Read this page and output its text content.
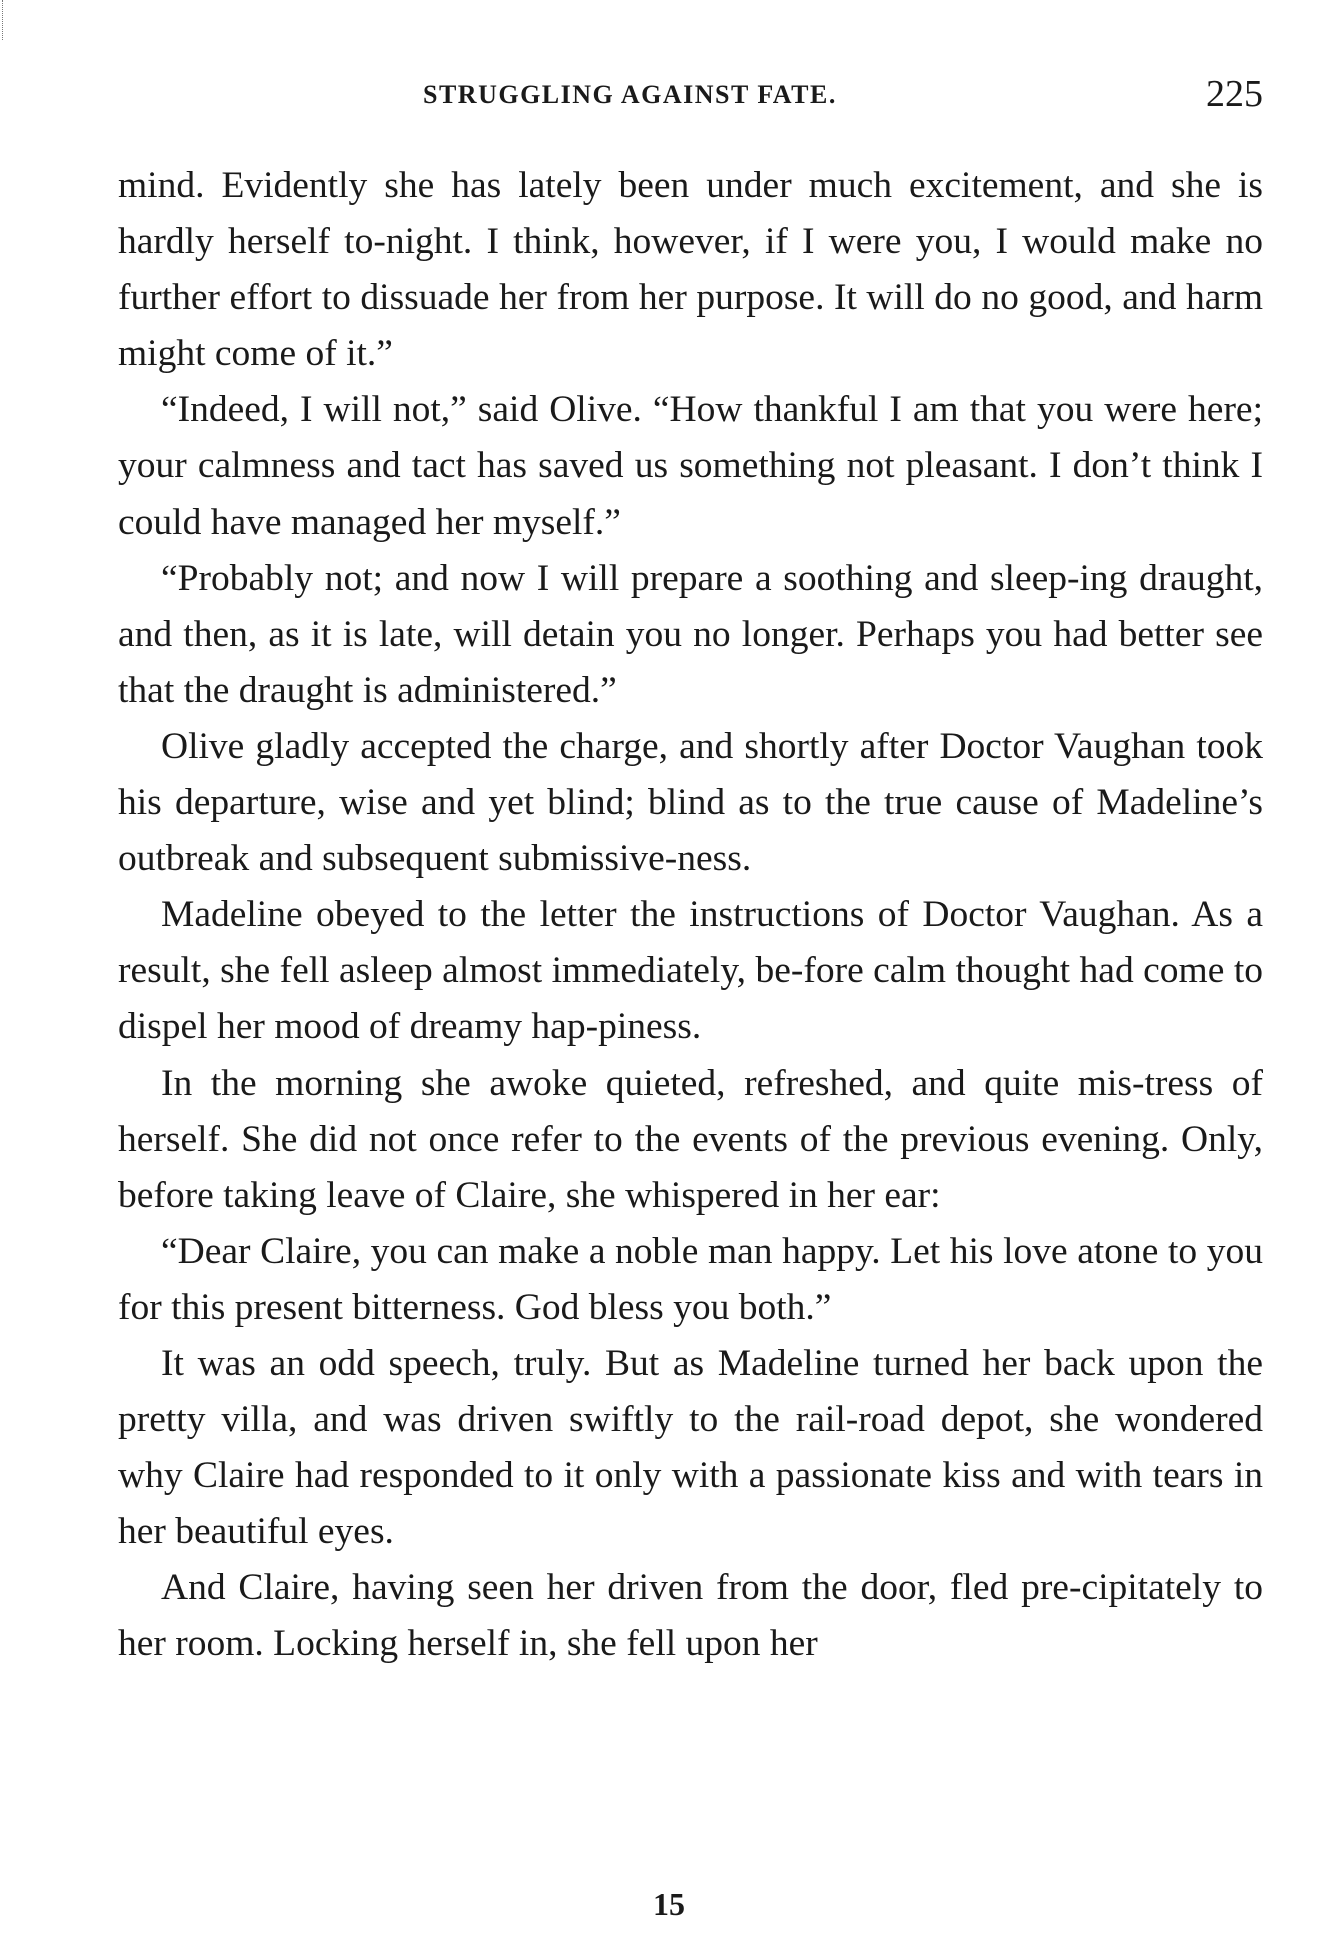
STRUGGLING AGAINST FATE.	225

mind. Evidently she has lately been under much excitement, and she is hardly herself to-night. I think, however, if I were you, I would make no further effort to dissuade her from her purpose. It will do no good, and harm might come of it.”

“Indeed, I will not,” said Olive. “How thankful I am that you were here; your calmness and tact has saved us something not pleasant. I don’t think I could have managed her myself.”

“Probably not; and now I will prepare a soothing and sleep-ing draught, and then, as it is late, will detain you no longer. Perhaps you had better see that the draught is administered.”

Olive gladly accepted the charge, and shortly after Doctor Vaughan took his departure, wise and yet blind; blind as to the true cause of Madeline’s outbreak and subsequent submissive-ness.

Madeline obeyed to the letter the instructions of Doctor Vaughan. As a result, she fell asleep almost immediately, be-fore calm thought had come to dispel her mood of dreamy hap-piness.

In the morning she awoke quieted, refreshed, and quite mis-tress of herself. She did not once refer to the events of the previous evening. Only, before taking leave of Claire, she whispered in her ear:

“Dear Claire, you can make a noble man happy. Let his love atone to you for this present bitterness. God bless you both.”

It was an odd speech, truly. But as Madeline turned her back upon the pretty villa, and was driven swiftly to the rail-road depot, she wondered why Claire had responded to it only with a passionate kiss and with tears in her beautiful eyes.

And Claire, having seen her driven from the door, fled pre-cipitately to her room. Locking herself in, she fell upon her

15
